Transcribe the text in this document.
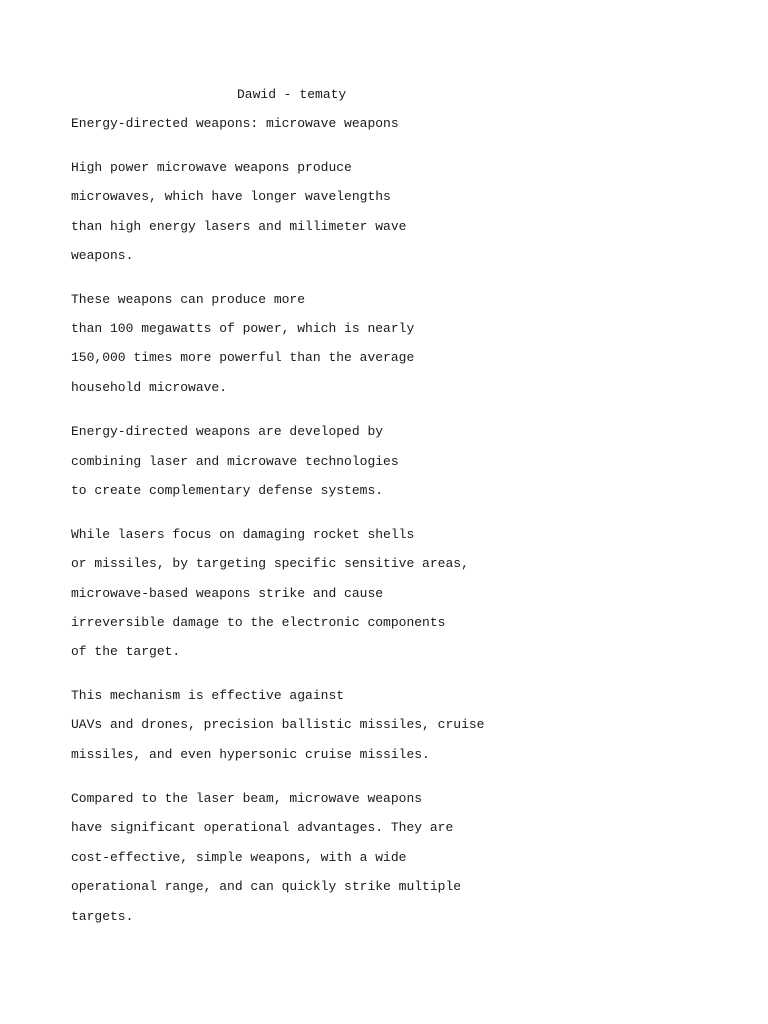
Dawid - tematy
Energy-directed weapons: microwave weapons
High power microwave weapons produce
microwaves, which have longer wavelengths
than high energy lasers and millimeter wave
weapons.
These weapons can produce more
than 100 megawatts of power, which is nearly
150,000 times more powerful than the average
household microwave.
Energy-directed weapons are developed by
combining laser and microwave technologies
to create complementary defense systems.
While lasers focus on damaging rocket shells
or missiles, by targeting specific sensitive areas,
microwave-based weapons strike and cause
irreversible damage to the electronic components
of the target.
This mechanism is effective against
UAVs and drones, precision ballistic missiles, cruise
missiles, and even hypersonic cruise missiles.
Compared to the laser beam, microwave weapons
have significant operational advantages. They are
cost-effective, simple weapons, with a wide
operational range, and can quickly strike multiple
targets.
